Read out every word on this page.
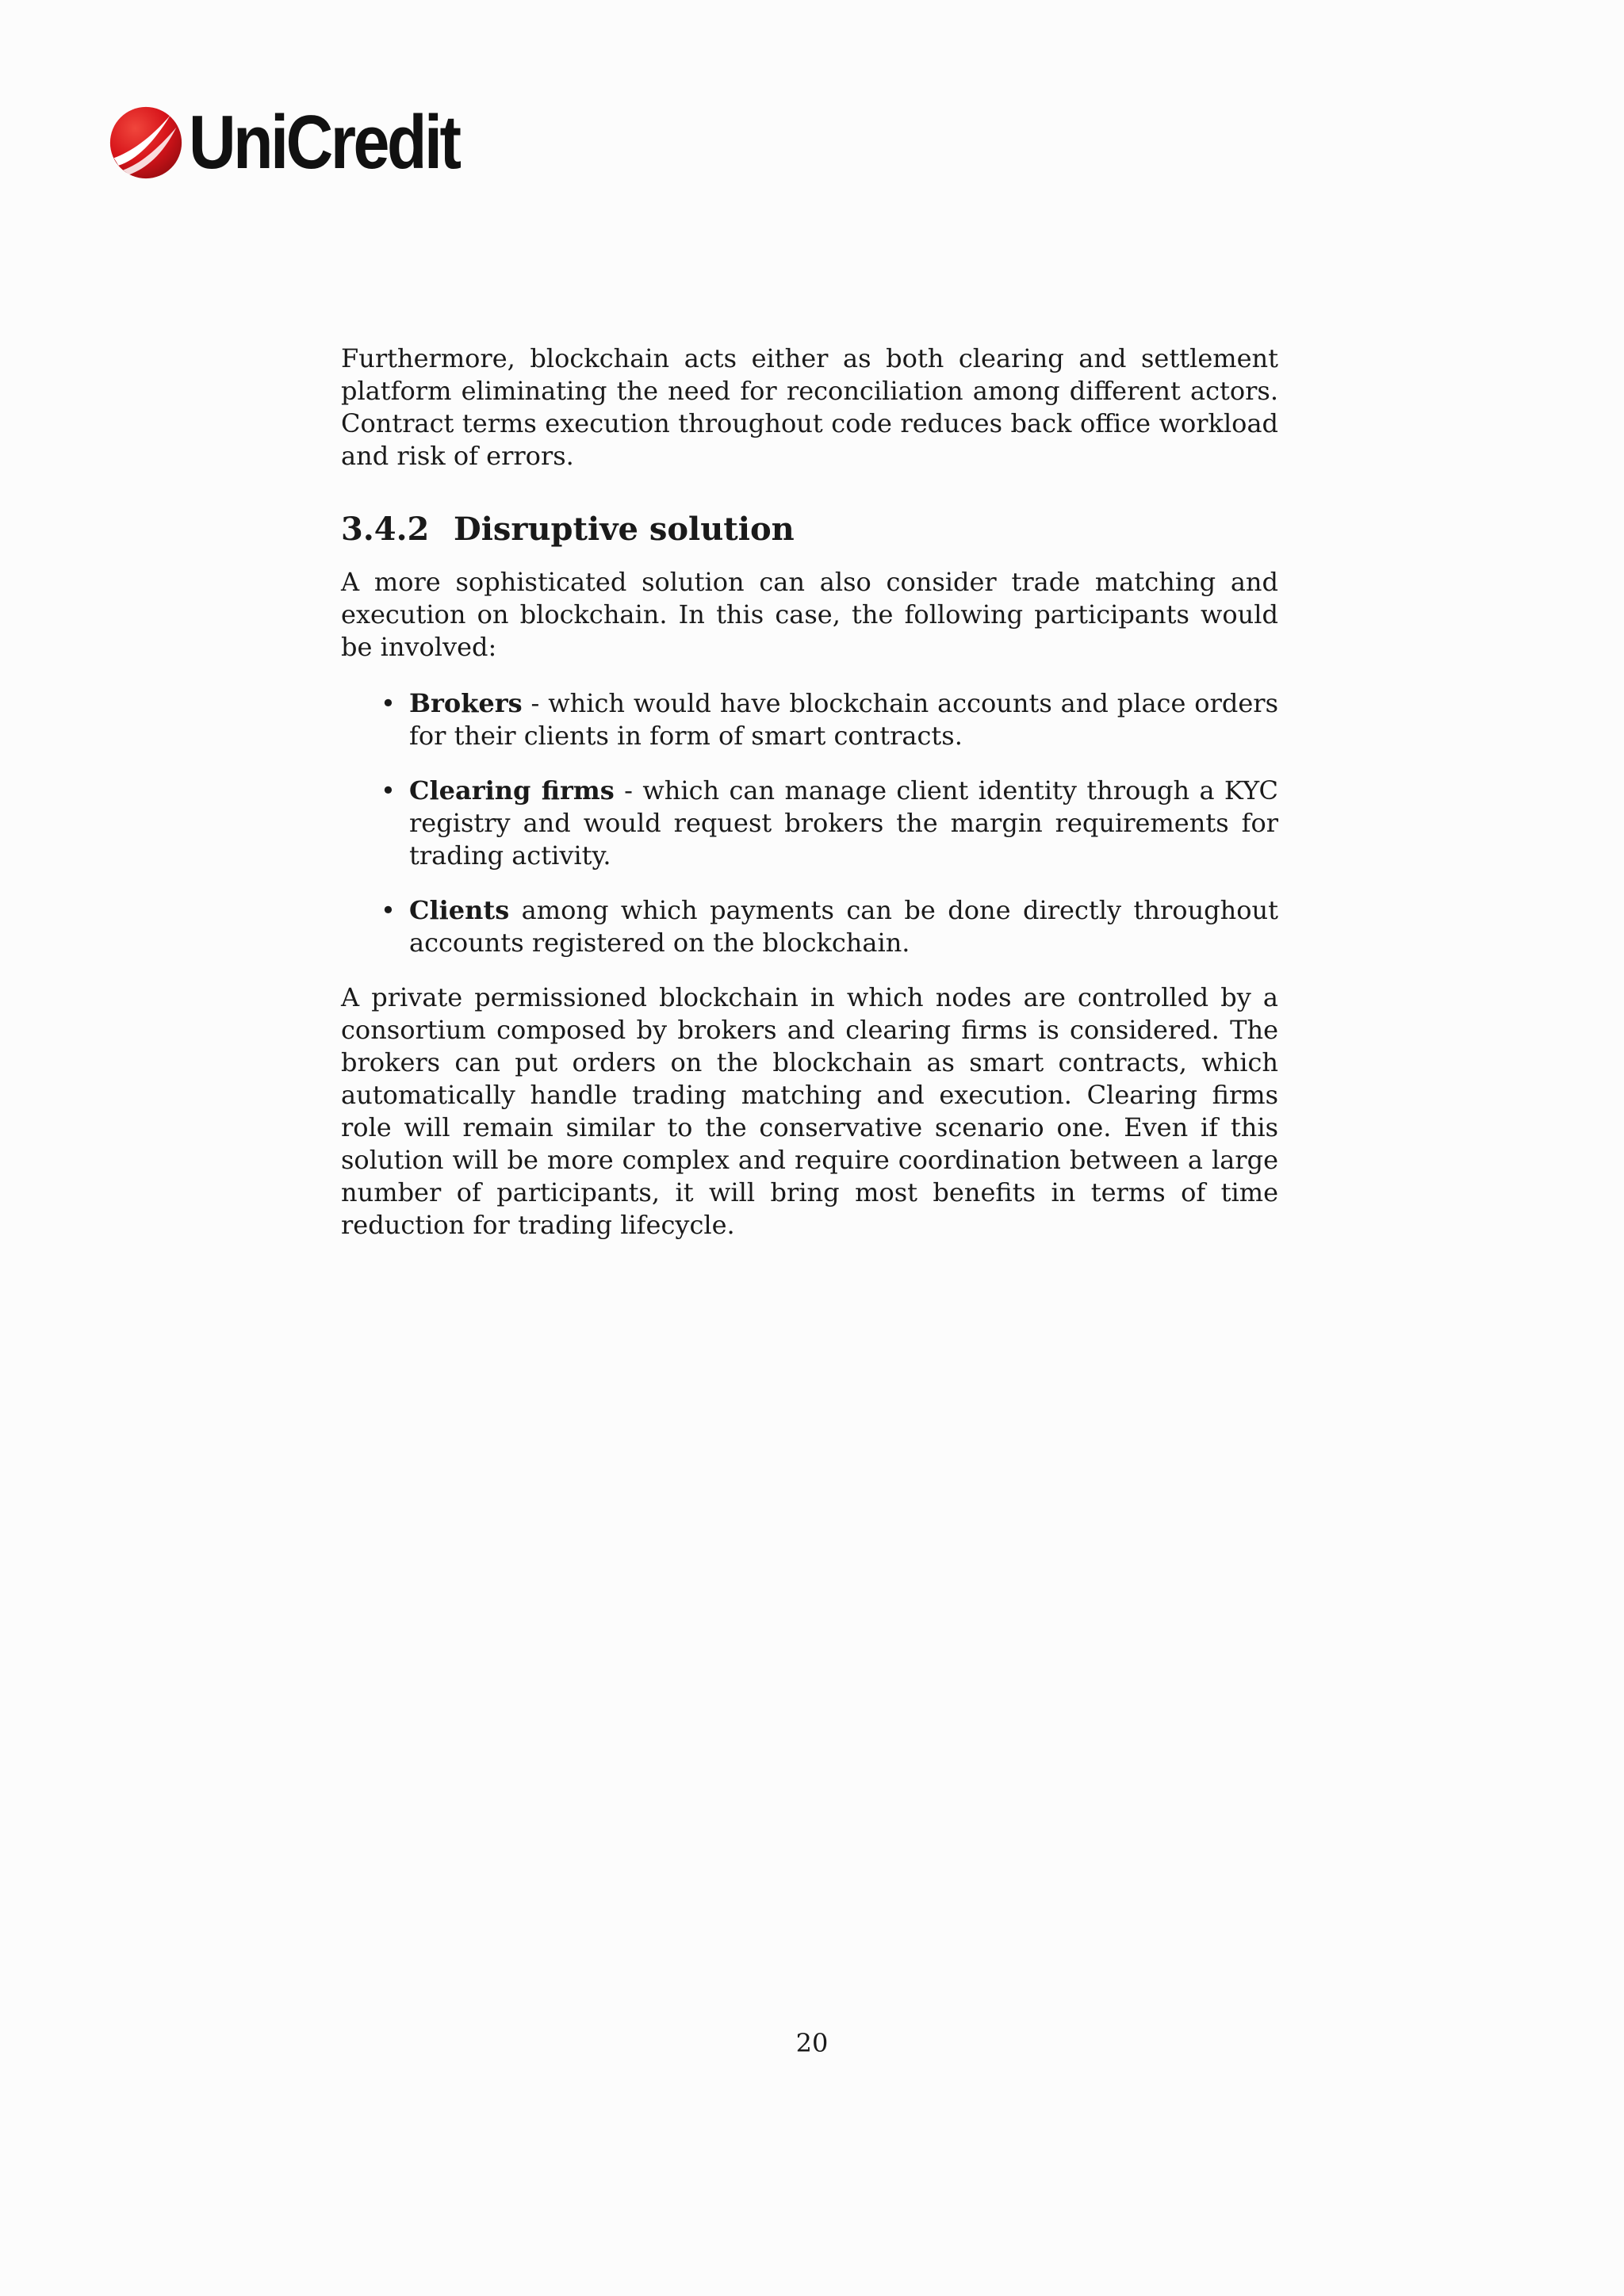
UniCredit

Furthermore, blockchain acts either as both clearing and settlement platform eliminating the need for reconciliation among different actors. Contract terms execution throughout code reduces back office workload and risk of errors.

3.4.2 Disruptive solution

A more sophisticated solution can also consider trade matching and execution on blockchain. In this case, the following participants would be involved:

• Brokers - which would have blockchain accounts and place orders for their clients in form of smart contracts.
• Clearing firms - which can manage client identity through a KYC registry and would request brokers the margin requirements for trading activity.
• Clients among which payments can be done directly throughout accounts registered on the blockchain.

A private permissioned blockchain in which nodes are controlled by a consortium composed by brokers and clearing firms is considered. The brokers can put orders on the blockchain as smart contracts, which automatically handle trading matching and execution. Clearing firms role will remain similar to the conservative scenario one. Even if this solution will be more complex and require coordination between a large number of participants, it will bring most benefits in terms of time reduction for trading lifecycle.

20
